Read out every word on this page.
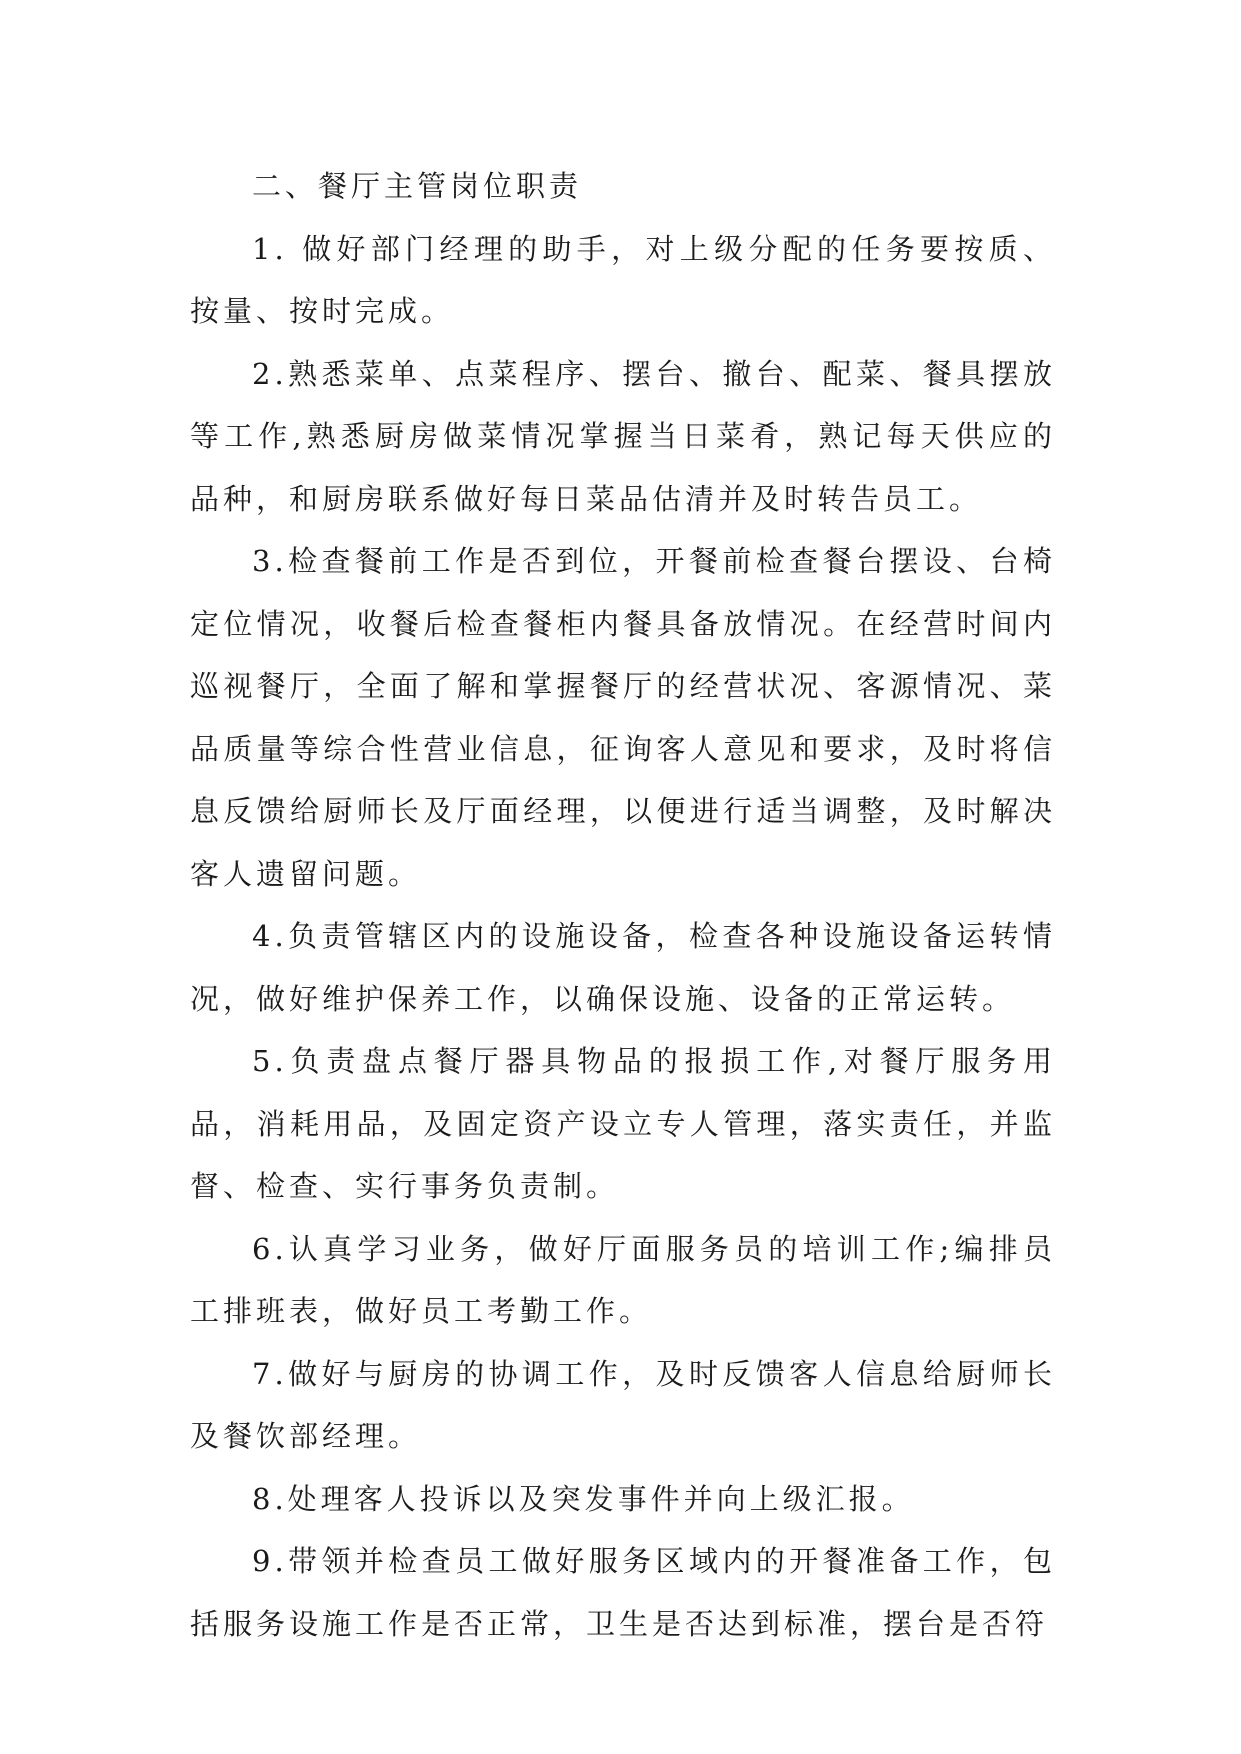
二、餐厅主管岗位职责

1. 做好部门经理的助手，对上级分配的任务要按质、按量、按时完成。

2.熟悉菜单、点菜程序、摆台、撤台、配菜、餐具摆放等工作,熟悉厨房做菜情况掌握当日菜肴，熟记每天供应的品种，和厨房联系做好每日菜品估清并及时转告员工。

3.检查餐前工作是否到位，开餐前检查餐台摆设、台椅定位情况，收餐后检查餐柜内餐具备放情况。在经营时间内巡视餐厅，全面了解和掌握餐厅的经营状况、客源情况、菜品质量等综合性营业信息，征询客人意见和要求，及时将信息反馈给厨师长及厅面经理，以便进行适当调整，及时解决客人遗留问题。

4.负责管辖区内的设施设备，检查各种设施设备运转情况，做好维护保养工作，以确保设施、设备的正常运转。

5.负责盘点餐厅器具物品的报损工作,对餐厅服务用品，消耗用品，及固定资产设立专人管理，落实责任，并监督、检查、实行事务负责制。

6.认真学习业务，做好厅面服务员的培训工作;编排员工排班表，做好员工考勤工作。

7.做好与厨房的协调工作，及时反馈客人信息给厨师长及餐饮部经理。

8.处理客人投诉以及突发事件并向上级汇报。

9.带领并检查员工做好服务区域内的开餐准备工作，包括服务设施工作是否正常，卫生是否达到标准，摆台是否符
